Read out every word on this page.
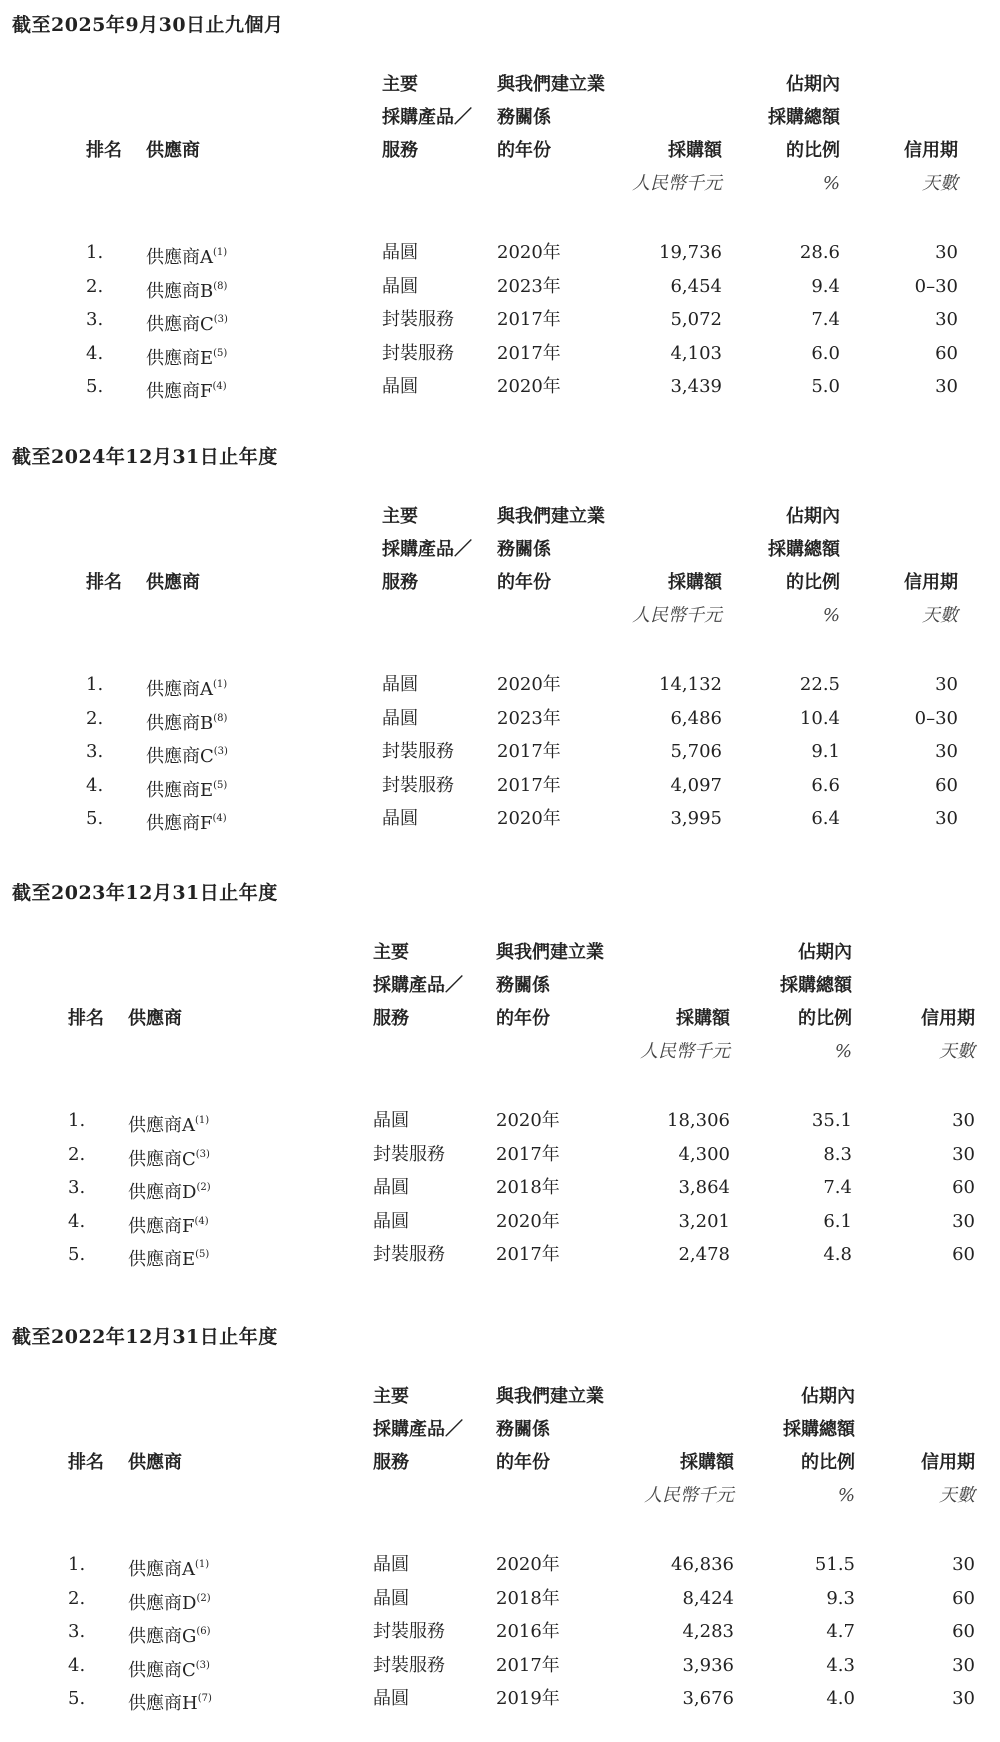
截至2025年9月30日止九個月
排名 供應商
主要	與我們建立業	佔期內
採購產品／ 務關係	採購總額
服務	的年份	的比例
採購額	信用期
人民幣千元	%	天數
1. 供應商$A^{(1)}$	晶圓	2020年	19,736	28.6	30
2. 供應商$B^{(8)}$	晶圓	2023年	6,454	9.4	0–30
3. 供應商$C^{(3)}$	封裝服務 2017年	5,072	7.4	30
4. 供應商$E^{(5)}$	封裝服務 2017年	4,103	6.0	60
5. 供應商$F^{(4)}$	晶圓	2020年	3,439	5.0	30
截至2024年12月31日止年度
排名 供應商
主要	與我們建立業	佔期內
採購產品／ 務關係	採購總額
服務	的年份	的比例
採購額	信用期
人民幣千元	%	天數
1. 供應商$A^{(1)}$	晶圓	2020年	14,132	22.5	30
2. 供應商$B^{(8)}$	晶圓	2023年	6,486	10.4	0–30
3. 供應商$C^{(3)}$	封裝服務 2017年	5,706	9.1	30
4. 供應商$E^{(5)}$	封裝服務 2017年	4,097	6.6	60
5. 供應商$F^{(4)}$	晶圓	2020年	3,995	6.4	30
截至2023年12月31日止年度
排名 供應商
主要	與我們建立業	佔期內
採購產品／ 務關係	採購總額
服務	的年份	的比例
採購額	信用期
人民幣千元	%	天數
1. 供應商$A^{(1)}$	晶圓	2020年	18,306	35.1	30
2. 供應商$C^{(3)}$	封裝服務	2017年	4,300	8.3	30
3. 供應商$D^{(2)}$	晶圓	2018年	3,864	7.4	60
4. 供應商$F^{(4)}$	晶圓	2020年	3,201	6.1	30
5. 供應商$E^{(5)}$	封裝服務	2017年	2,478	4.8	60
截至2022年12月31日止年度
排名 供應商
主要	與我們建立業	佔期內
採購產品／ 務關係	採購總額
服務	的年份	的比例
採購額	信用期
人民幣千元	%	天數
1. 供應商$A^{(1)}$	晶圓	2020年	46,836	51.5	30
2. 供應商$D^{(2)}$	晶圓	2018年	8,424	9.3	60
3. 供應商$G^{(6)}$	封裝服務	2016年	4,283	4.7	60
4. 供應商$C^{(3)}$	封裝服務	2017年	3,936	4.3	30
5. 供應商$H^{(7)}$	晶圓	2019年	3,676	4.0	30
